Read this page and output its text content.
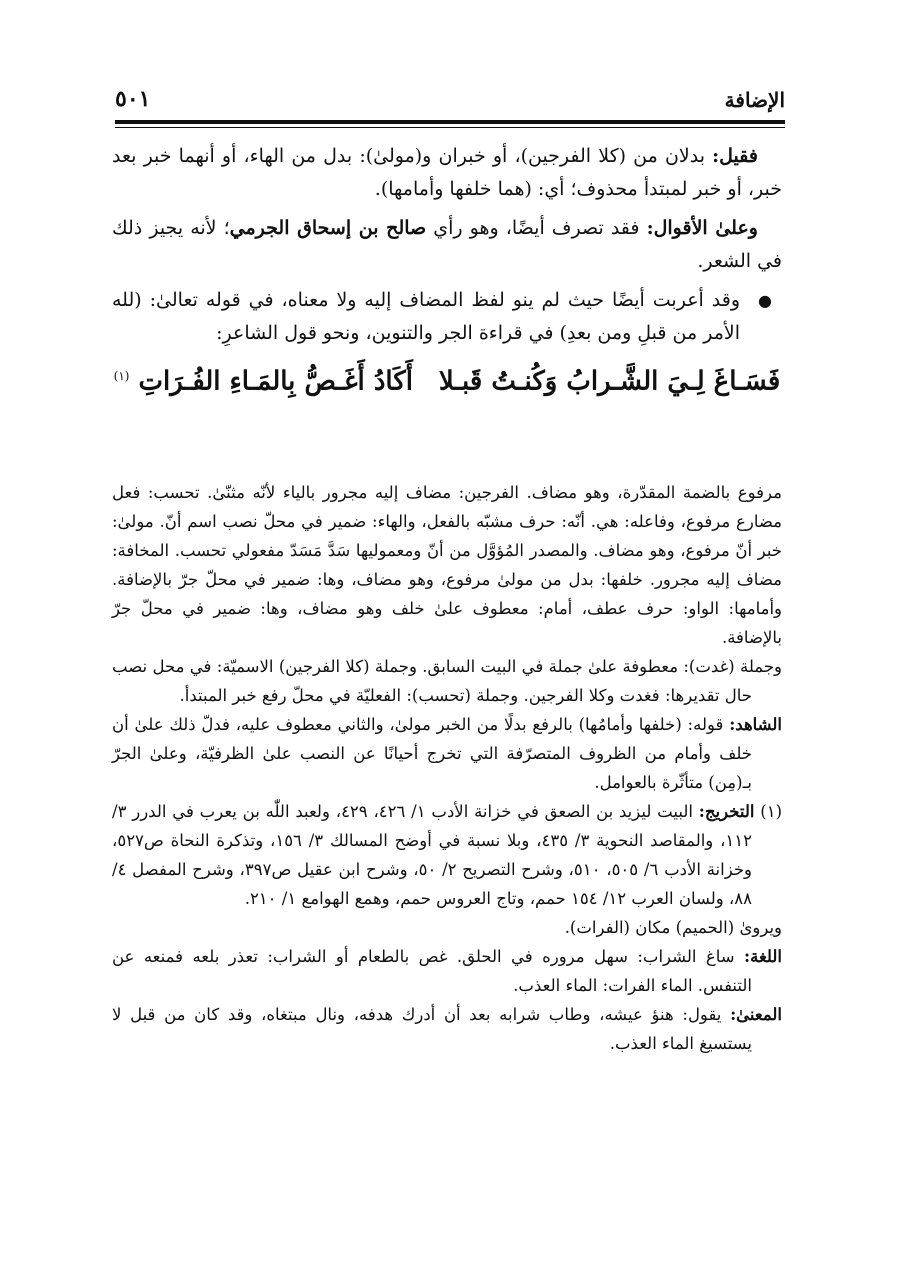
الإضافة
٥٠١

فقيل: بدلان من (كلا الفرجين)، أو خبران و(مولىٰ): بدل من الهاء، أو أنهما خبر بعد خبر، أو خبر لمبتدأ محذوف؛ أي: (هما خلفها وأمامها).

وعلىٰ الأقوال: فقد تصرف أيضًا، وهو رأي صالح بن إسحاق الجرمي؛ لأنه يجيز ذلك في الشعر.

●
وقد أعربت أيضًا حيث لم ينو لفظ المضاف إليه ولا معناه، في قوله تعالىٰ: (لله الأمر من قبلِ ومن بعدِ) في قراءة الجر والتنوين، ونحو قول الشاعرِ:
فَسَـاغَ لِـيَ الشَّـرابُ وَكُنـتُ قَبـلاأَكَادُ أَغَـصُّ بِالمَـاءِ الفُـرَاتِ $^{(١)}$

مرفوع بالضمة المقدّرة، وهو مضاف. الفرجين: مضاف إليه مجرور بالياء لأنّه مثنّىٰ. تحسب: فعل مضارع مرفوع، وفاعله: هي. أنّه: حرف مشبّه بالفعل، والهاء: ضمير في محلّ نصب اسم أنّ. مولىٰ: خبر أنّ مرفوع، وهو مضاف. والمصدر المُؤوَّل من أنّ ومعموليها سَدَّ مَسَدّ مفعولي تحسب. المخافة: مضاف إليه مجرور. خلفها: بدل من مولىٰ مرفوع، وهو مضاف، وها: ضمير في محلّ جرّ بالإضافة. وأمامها: الواو: حرف عطف، أمام: معطوف علىٰ خلف وهو مضاف، وها: ضمير في محلّ جرّ بالإضافة.

وجملة (غدت): معطوفة علىٰ جملة في البيت السابق. وجملة (كلا الفرجين) الاسميّة: في محل نصب حال تقديرها: فغدت وكلا الفرجين. وجملة (تحسب): الفعليّة في محلّ رفع خبر المبتدأ.

الشاهد: قوله: (خلفها وأمامُها) بالرفع بدلًا من الخبر مولىٰ، والثاني معطوف عليه، فدلّ ذلك علىٰ أن خلف وأمام من الظروف المتصرّفة التي تخرج أحيانًا عن النصب علىٰ الظرفيّة، وعلىٰ الجرّ بـ(مِن) متأثّرة بالعوامل.

(١) التخريج: البيت ليزيد بن الصعق في خزانة الأدب ١/ ٤٢٦، ٤٢٩، ولعبد اللّٰه بن يعرب في الدرر ٣/ ١١٢، والمقاصد النحوية ٣/ ٤٣٥، وبلا نسبة في أوضح المسالك ٣/ ١٥٦، وتذكرة النحاة ص٥٢٧، وخزانة الأدب ٦/ ٥٠٥، ٥١٠، وشرح التصريح ٢/ ٥٠، وشرح ابن عقيل ص٣٩٧، وشرح المفصل ٤/ ٨٨، ولسان العرب ١٢/ ١٥٤ حمم، وتاج العروس حمم، وهمع الهوامع ١/ ٢١٠.

ويروىٰ (الحميم) مكان (الفرات).

اللغة: ساغ الشراب: سهل مروره في الحلق. غص بالطعام أو الشراب: تعذر بلعه فمنعه عن التنفس. الماء الفرات: الماء العذب.

المعنىٰ: يقول: هنؤ عيشه، وطاب شرابه بعد أن أدرك هدفه، ونال مبتغاه، وقد كان من قبل لا يستسيغ الماء العذب.
